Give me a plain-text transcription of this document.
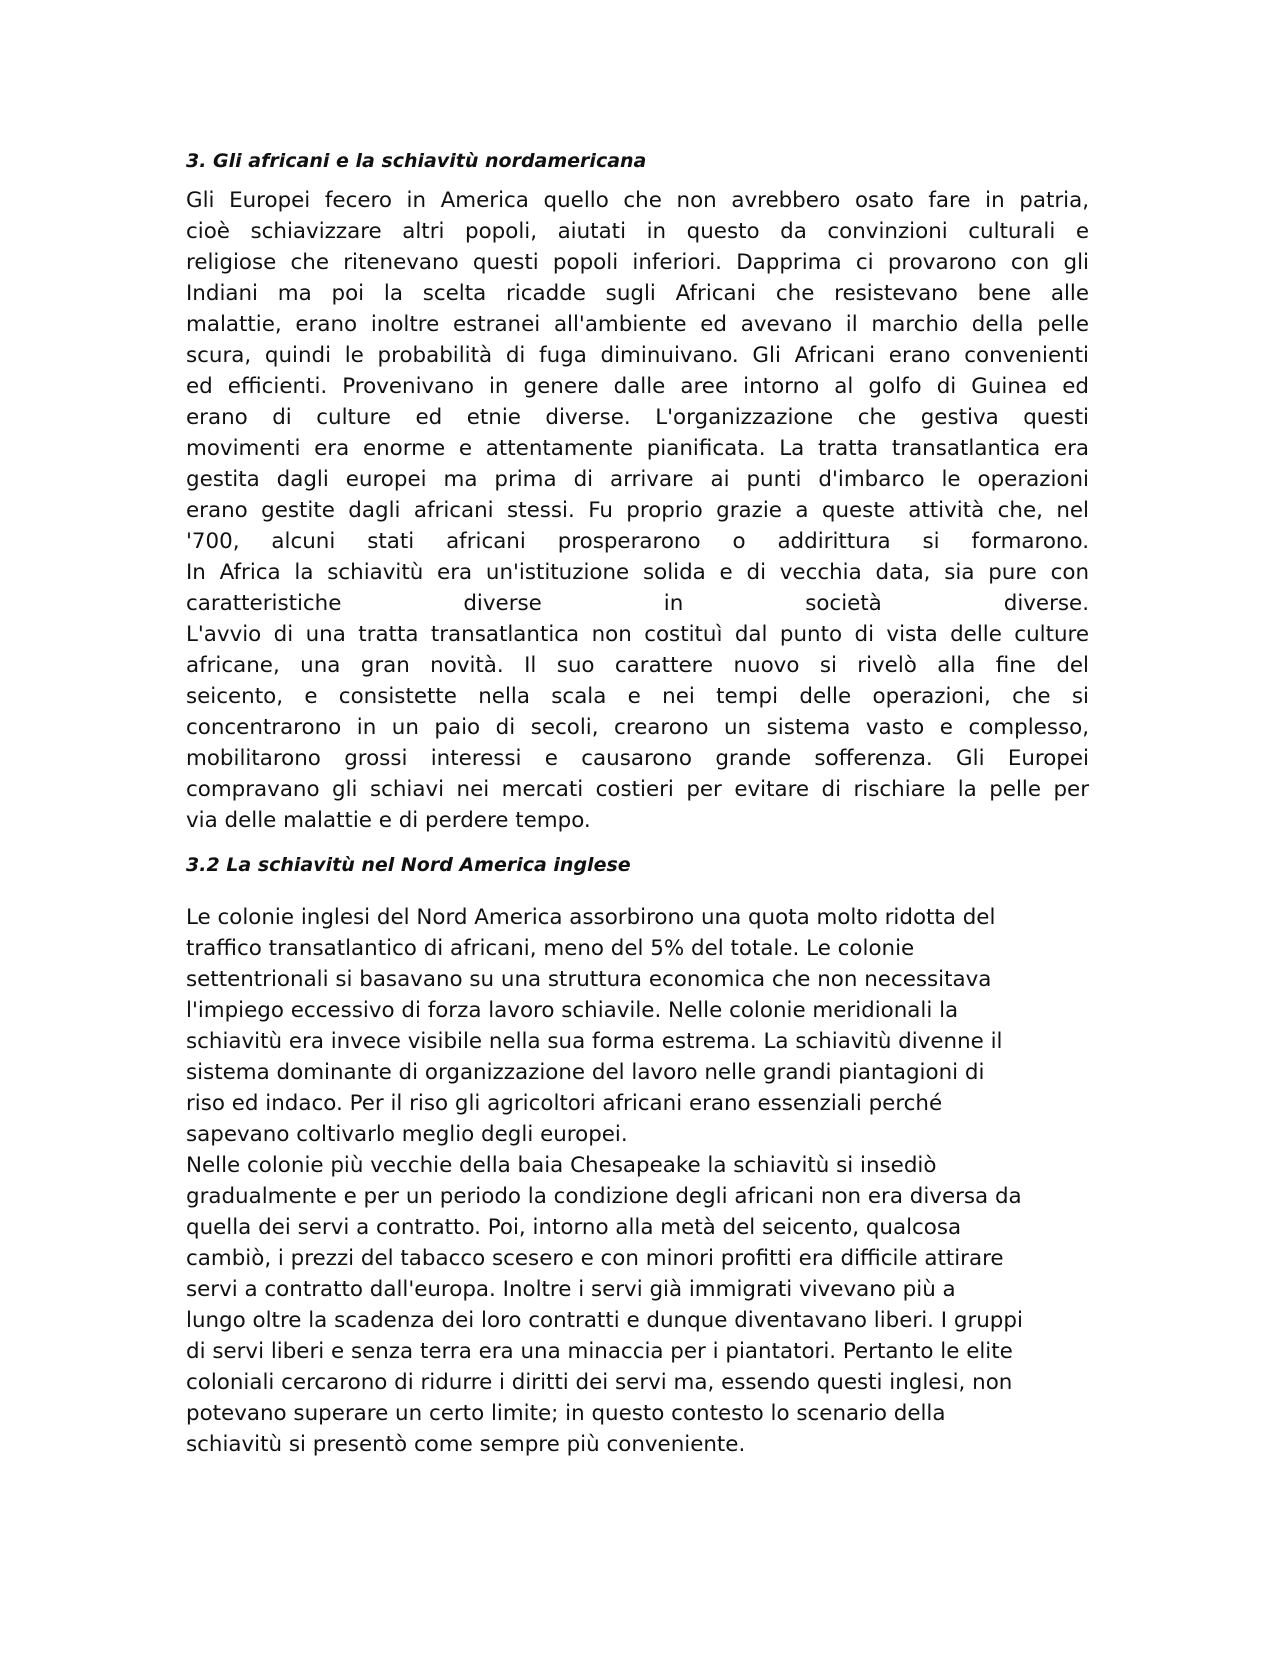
3. Gli africani e la schiavitù nordamericana
Gli Europei fecero in America quello che non avrebbero osato fare in patria,
cioè schiavizzare altri popoli, aiutati in questo da convinzioni culturali e
religiose che ritenevano questi popoli inferiori. Dapprima ci provarono con gli
Indiani ma poi la scelta ricadde sugli Africani che resistevano bene alle
malattie, erano inoltre estranei all'ambiente ed avevano il marchio della pelle
scura, quindi le probabilità di fuga diminuivano. Gli Africani erano convenienti
ed efficienti. Provenivano in genere dalle aree intorno al golfo di Guinea ed
erano di culture ed etnie diverse. L'organizzazione che gestiva questi
movimenti era enorme e attentamente pianificata. La tratta transatlantica era
gestita dagli europei ma prima di arrivare ai punti d'imbarco le operazioni
erano gestite dagli africani stessi. Fu proprio grazie a queste attività che, nel
'700, alcuni stati africani prosperarono o addirittura si formarono.
In Africa la schiavitù era un'istituzione solida e di vecchia data, sia pure con
caratteristiche diverse in società diverse.
L'avvio di una tratta transatlantica non costituì dal punto di vista delle culture
africane, una gran novità. Il suo carattere nuovo si rivelò alla fine del
seicento, e consistette nella scala e nei tempi delle operazioni, che si
concentrarono in un paio di secoli, crearono un sistema vasto e complesso,
mobilitarono grossi interessi e causarono grande sofferenza. Gli Europei
compravano gli schiavi nei mercati costieri per evitare di rischiare la pelle per
via delle malattie e di perdere tempo.
3.2 La schiavitù nel Nord America inglese
Le colonie inglesi del Nord America assorbirono una quota molto ridotta del
traffico transatlantico di africani, meno del 5% del totale. Le colonie
settentrionali si basavano su una struttura economica che non necessitava
l'impiego eccessivo di forza lavoro schiavile. Nelle colonie meridionali la
schiavitù era invece visibile nella sua forma estrema. La schiavitù divenne il
sistema dominante di organizzazione del lavoro nelle grandi piantagioni di
riso ed indaco. Per il riso gli agricoltori africani erano essenziali perché
sapevano coltivarlo meglio degli europei.
Nelle colonie più vecchie della baia Chesapeake la schiavitù si insediò
gradualmente e per un periodo la condizione degli africani non era diversa da
quella dei servi a contratto. Poi, intorno alla metà del seicento, qualcosa
cambiò, i prezzi del tabacco scesero e con minori profitti era difficile attirare
servi a contratto dall'europa. Inoltre i servi già immigrati vivevano più a
lungo oltre la scadenza dei loro contratti e dunque diventavano liberi. I gruppi
di servi liberi e senza terra era una minaccia per i piantatori. Pertanto le elite
coloniali cercarono di ridurre i diritti dei servi ma, essendo questi inglesi, non
potevano superare un certo limite; in questo contesto lo scenario della
schiavitù si presentò come sempre più conveniente.
